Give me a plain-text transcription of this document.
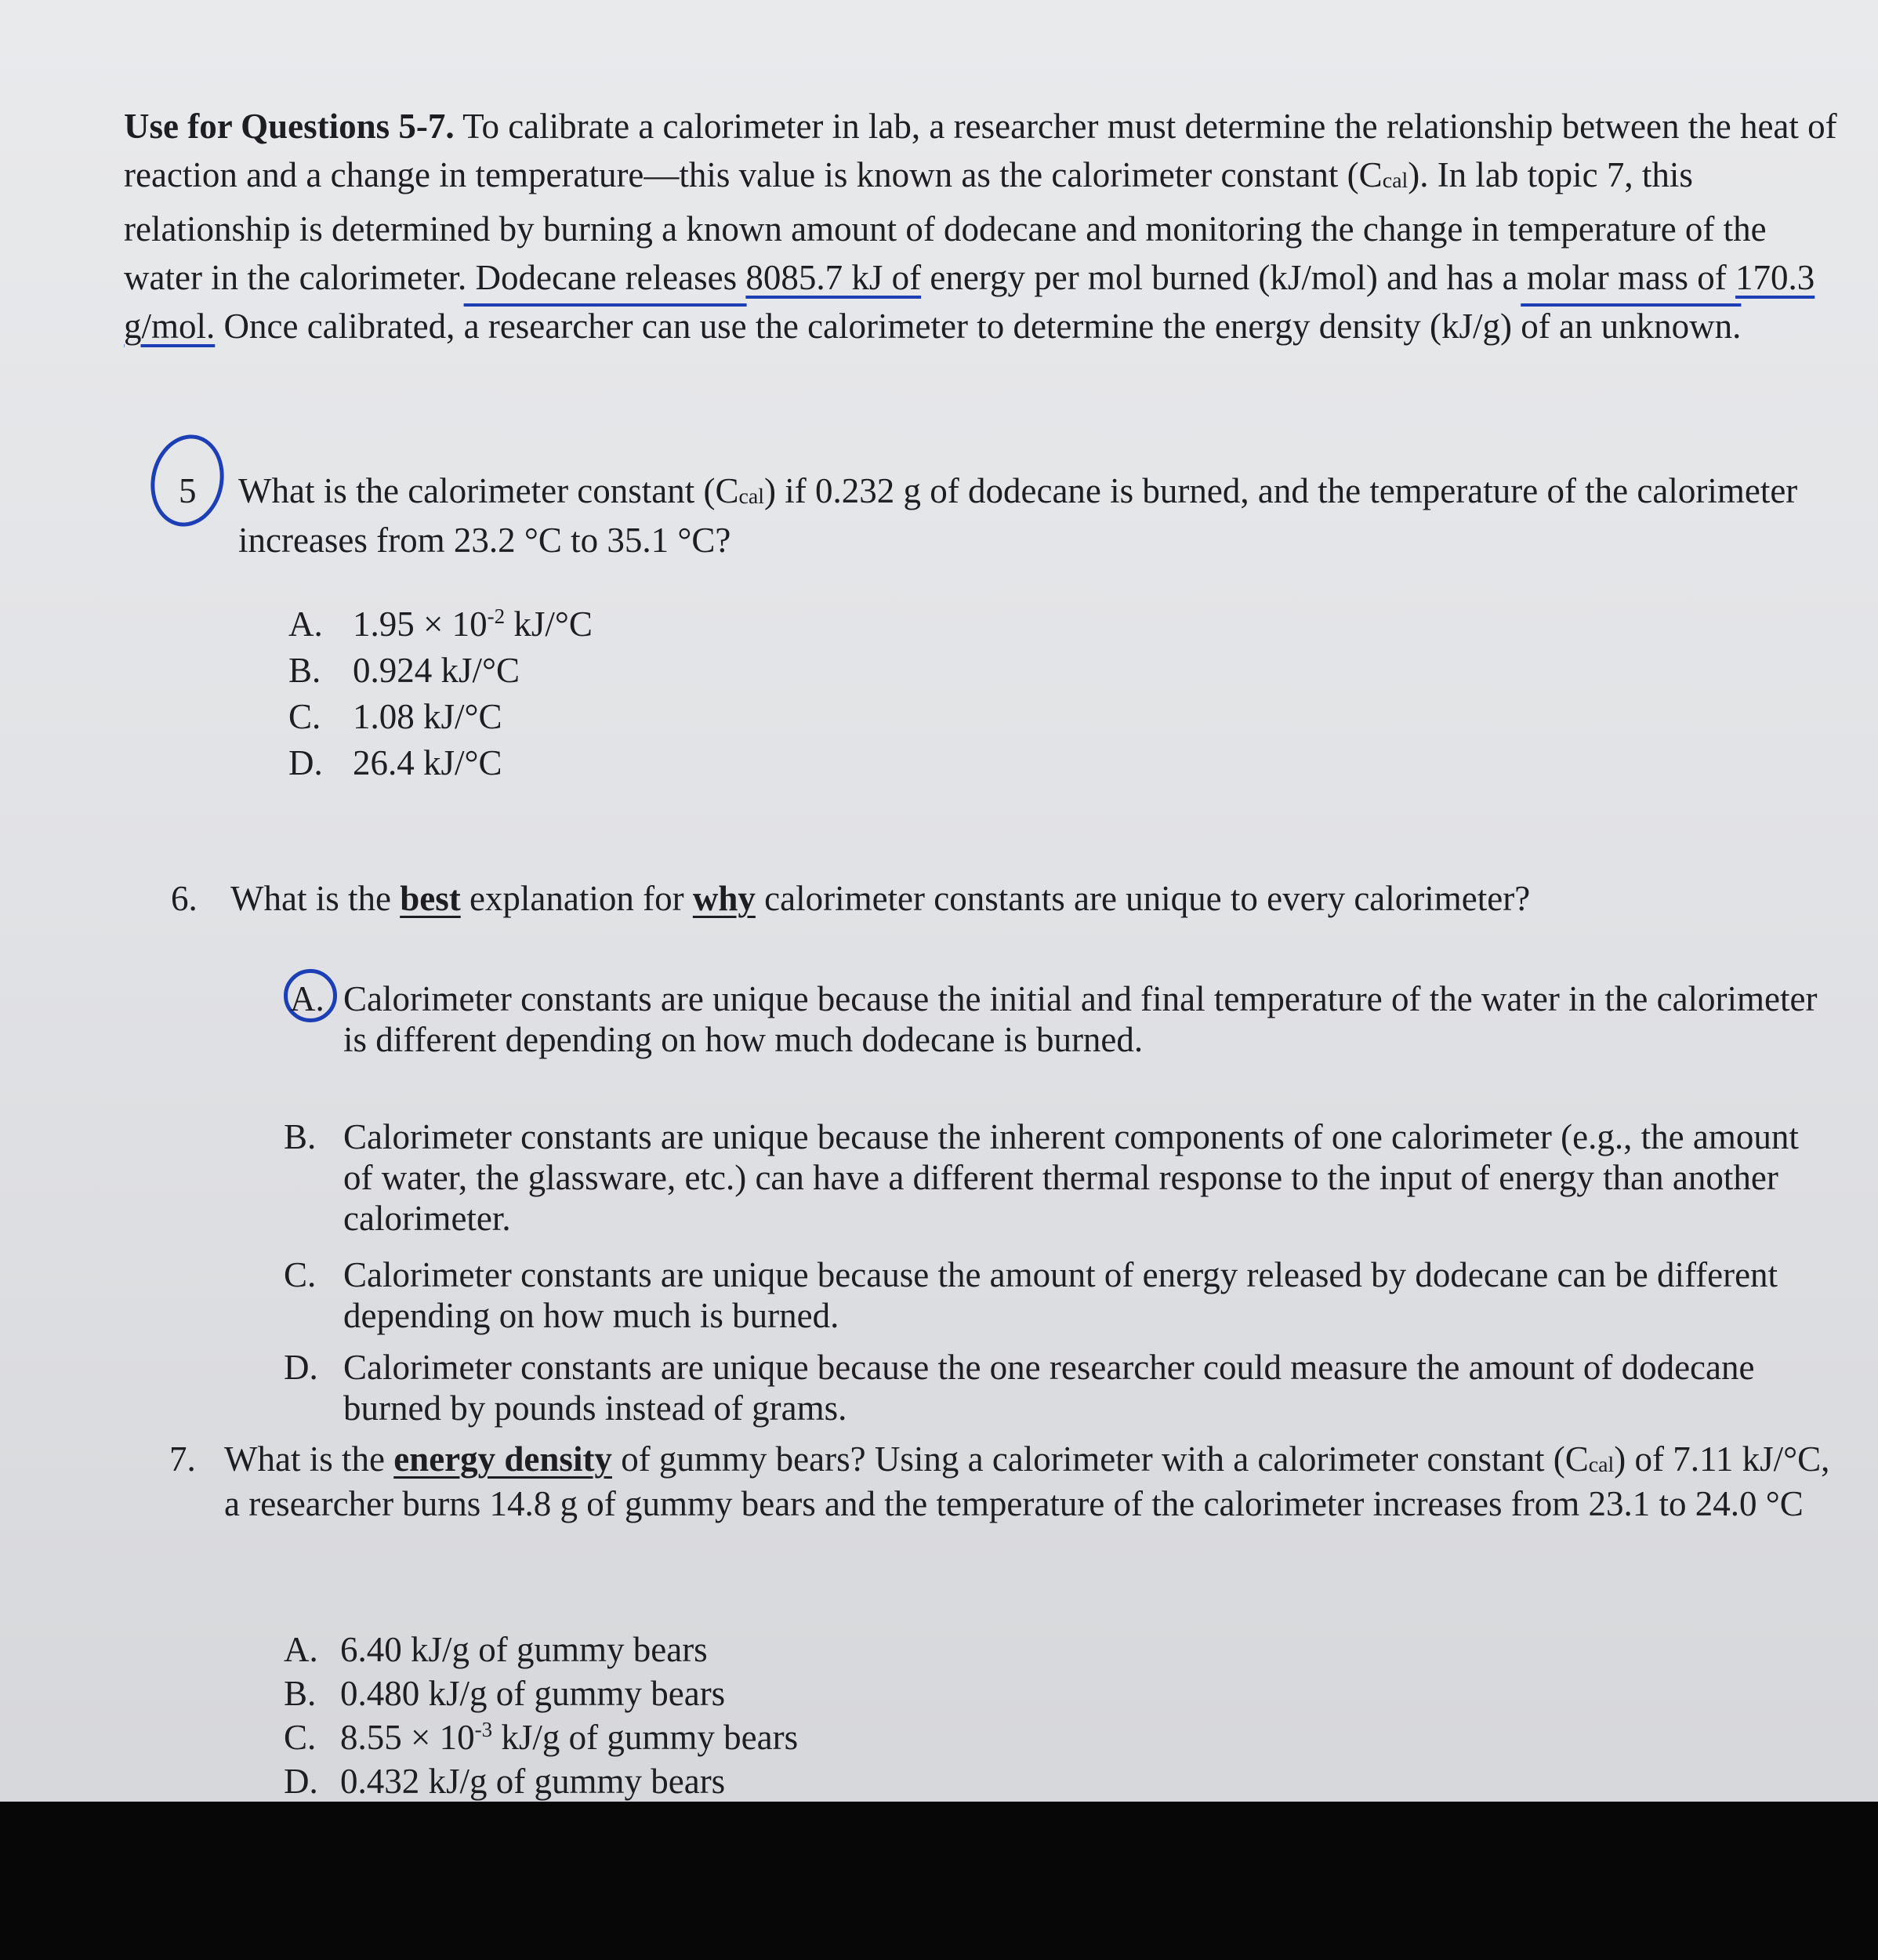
Use for Questions 5-7. To calibrate a calorimeter in lab, a researcher must determine the relationship between the heat of reaction and a change in temperature—this value is known as the calorimeter constant (Ccal). In lab topic 7, this relationship is determined by burning a known amount of dodecane and monitoring the change in temperature of the water in the calorimeter. Dodecane releases 8085.7 kJ of energy per mol burned (kJ/mol) and has a molar mass of 170.3 g/mol. Once calibrated, a researcher can use the calorimeter to determine the energy density (kJ/g) of an unknown.
5 What is the calorimeter constant (Ccal) if 0.232 g of dodecane is burned, and the temperature of the calorimeter increases from 23.2 °C to 35.1 °C?
A. $1.95 \times 10^{-2}$ kJ/°C
B. 0.924 kJ/°C
C. 1.08 kJ/°C
D. 26.4 kJ/°C
6. What is the best explanation for why calorimeter constants are unique to every calorimeter?
A. Calorimeter constants are unique because the initial and final temperature of the water in the calorimeter is different depending on how much dodecane is burned.
B. Calorimeter constants are unique because the inherent components of one calorimeter (e.g., the amount of water, the glassware, etc.) can have a different thermal response to the input of energy than another calorimeter.
C. Calorimeter constants are unique because the amount of energy released by dodecane can be different depending on how much is burned.
D. Calorimeter constants are unique because the one researcher could measure the amount of dodecane burned by pounds instead of grams.
7. What is the energy density of gummy bears? Using a calorimeter with a calorimeter constant (Ccal) of 7.11 kJ/°C, a researcher burns 14.8 g of gummy bears and the temperature of the calorimeter increases from 23.1 to 24.0 °C
A. 6.40 kJ/g of gummy bears
B. 0.480 kJ/g of gummy bears
C. $8.55 \times 10^{-3}$ kJ/g of gummy bears
D. 0.432 kJ/g of gummy bears
